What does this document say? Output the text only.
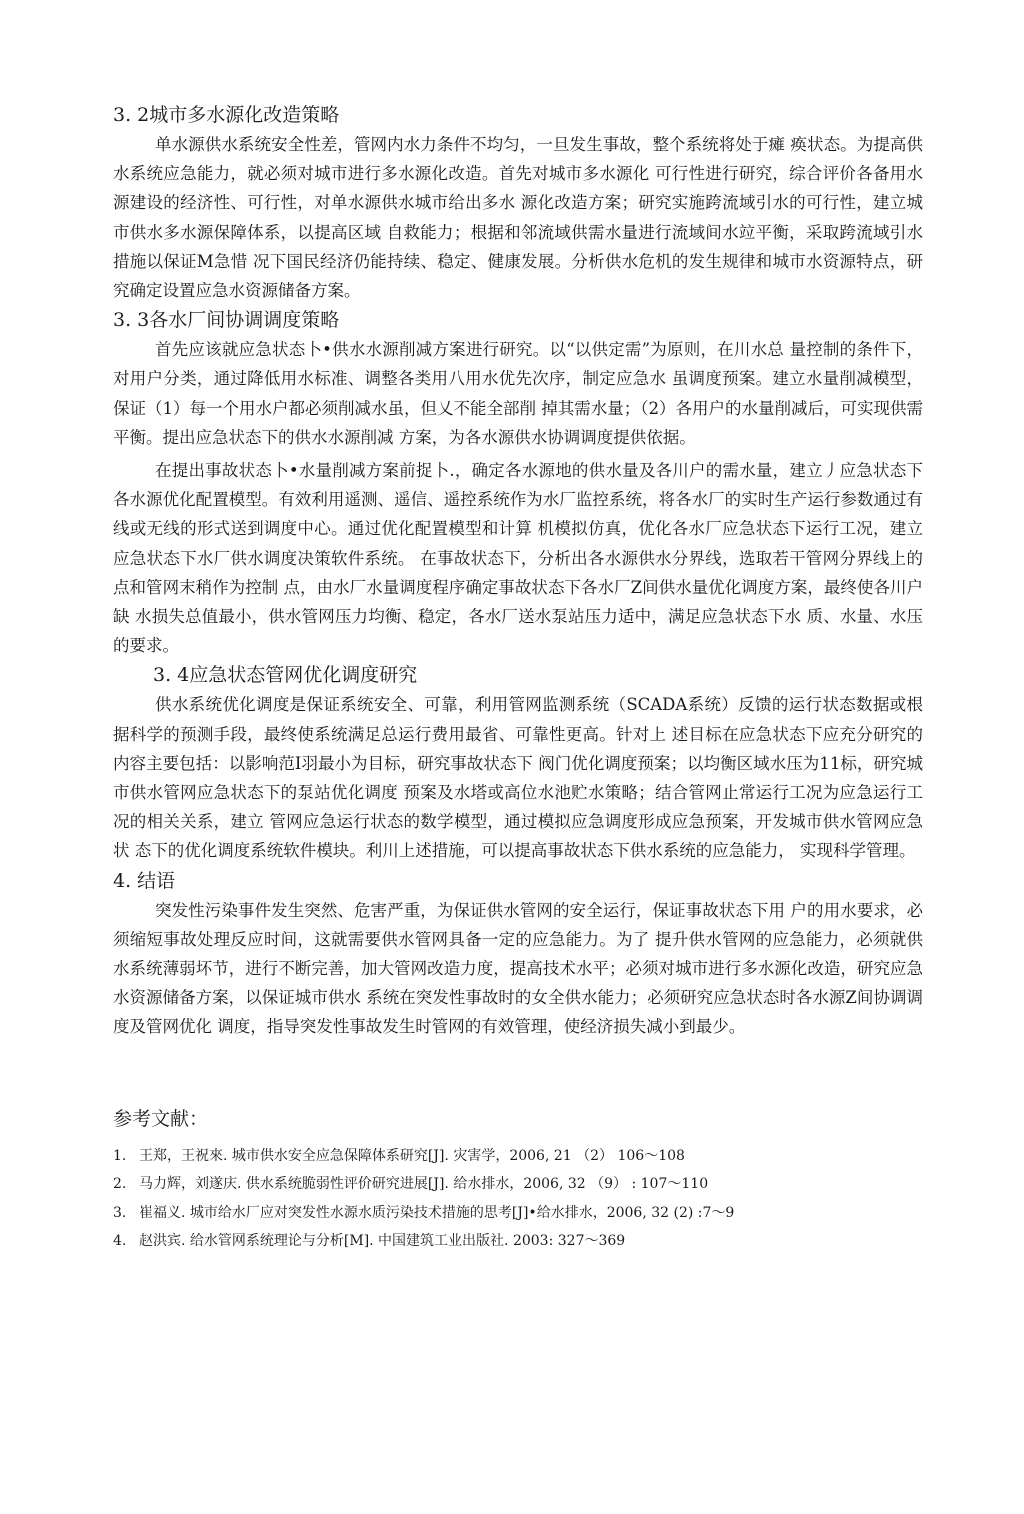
3. 2城市多水源化改造策略

单水源供水系统安全性差，管网内水力条件不均匀，一旦发生事故，整个系统将处于瘫 痪状态。为提高供水系统应急能力，就必须对城市进行多水源化改造。首先对城市多水源化 可行性进行研究，综合评价各备用水源建设的经济性、可行性，对单水源供水城市给出多水 源化改造方案；研究实施跨流域引水的可行性，建立城市供水多水源保障体系，以提高区域 自救能力；根据和邻流域供需水量进行流域间水竝平衡，采取跨流域引水措施以保证M急惜 况下国民经济仍能持续、稳定、健康发展。分析供水危机的发生规律和城市水资源特点，研 究确定设置应急水资源储备方案。

3. 3各水厂间协调调度策略

首先应该就应急状态卜•供水水源削减方案进行研究。以“以供定需”为原则，在川水总 量控制的条件下，对用户分类，通过降低用水标准、调整各类用八用水优先次序，制定应急水 虽调度预案。建立水量削减模型，保证（1）每一个用水户都必须削减水虽，但乂不能全部削 掉其需水量；（2）各用户的水量削减后，可实现供需平衡。提出应急状态下的供水水源削减 方案，为各水源供水协调调度提供依据。

在提出事故状态卜•水量削减方案前捉卜.，确定各水源地的供水量及各川户的需水量，建立丿应急状态下各水源优化配置模型。有效利用遥测、遥信、遥控系统作为水厂监控系统，将各水厂的实时生产运行参数通过有线或无线的形式送到调度中心。通过优化配置模型和计算 机模拟仿真，优化各水厂应急状态下运行工况，建立应急状态下水厂供水调度决策软件系统。 在事故状态下，分析出各水源供水分界线，选取若干管网分界线上的点和管网末稍作为控制 点，由水厂水量调度程序确定事故状态下各水厂Z间供水量优化调度方案，最终使各川户缺 水损失总值最小，供水管网压力均衡、稳定，各水厂送水泵站压力适中，满足应急状态下水 质、水量、水压的要求。

3. 4应急状态管网优化调度研究

供水系统优化调度是保证系统安全、可靠，利用管网监测系统（SCADA系统）反馈的运行状态数据或根据科学的预测手段，最终使系统满足总运行费用最省、可靠性更高。针对上 述目标在应急状态下应充分研究的内容主要包括：以影响范I羽最小为目标，研究事故状态下 阀门优化调度预案；以均衡区域水压为11标，研究城市供水管网应急状态下的泵站优化调度 预案及水塔或高位水池贮水策略；结合管网止常运行工况为应急运行工况的相关关系，建立 管网应急运行状态的数学模型，通过模拟应急调度形成应急预案，开发城市供水管网应急状 态下的优化调度系统软件模块。利川上述措施，可以提高事故状态下供水系统的应急能力， 实现科学管理。

4. 结语

突发性污染事件发生突然、危害严重，为保证供水管网的安全运行，保证事故状态下用 户的用水要求，必须缩短事故处理反应时间，这就需要供水管网具备一定的应急能力。为了 提升供水管网的应急能力，必须就供水系统薄弱坏节，进行不断完善，加大管网改造力度，提高技术水平；必须对城市进行多水源化改造，研究应急水资源储备方案，以保证城市供水 系统在突发性事故时的女全供水能力；必须研究应急状态时各水源Z间协调调度及管网优化 调度，指导突发性事故发生时管网的有效管理，使经济损失减小到最少。

参考文献：
1. 王郑，王祝來. 城市供水安全应急保障体系研究[J]. 灾害学，2006, 21 （2） 106～108
2. 马力辉，刘遂庆. 供水系统脆弱性评价研究进展[J]. 给水排水，2006, 32 （9） : 107～110
3. 崔福义. 城市给水厂应对突发性水源水质污染技术措施的思考[J]•给水排水，2006, 32 (2) :7～9
4. 赵洪宾. 给水管网系统理论与分析[M]. 中国建筑工业出版社. 2003: 327～369
